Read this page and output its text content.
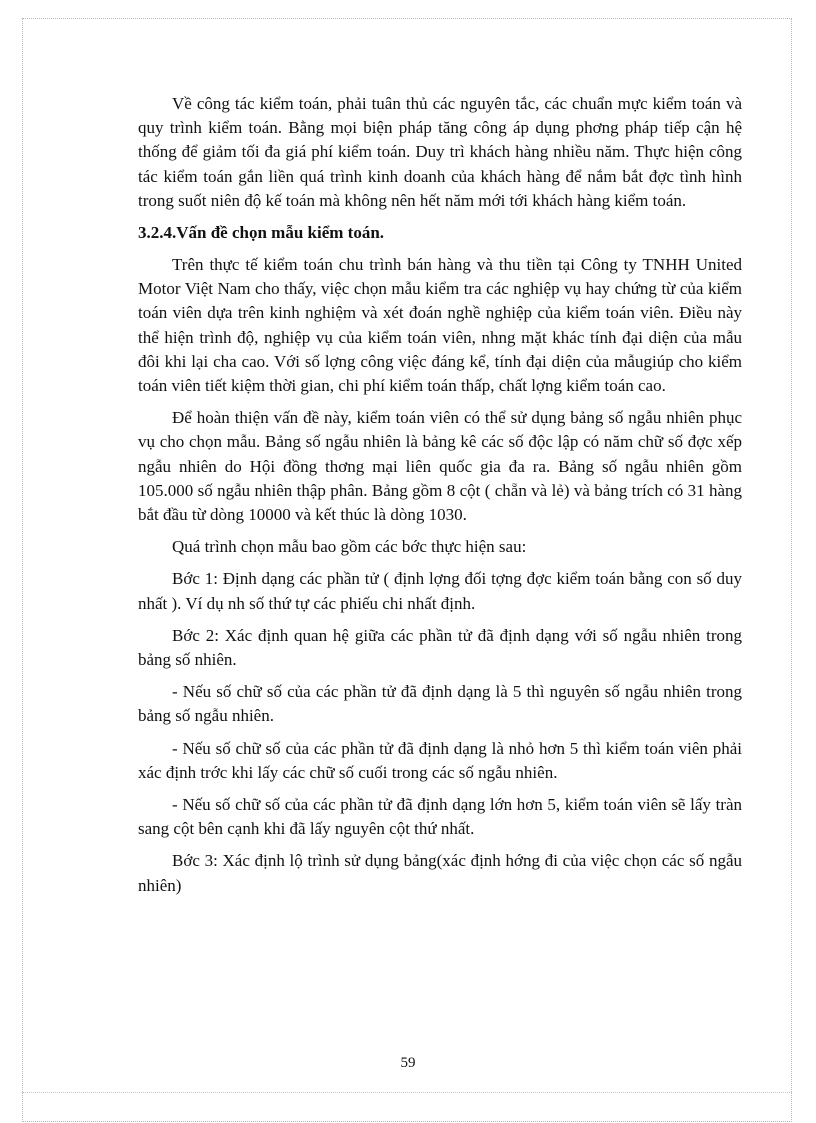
Về công tác kiểm toán, phải tuân thủ các nguyên tắc, các chuẩn mực kiểm toán và quy trình kiểm toán. Bằng mọi biện pháp tăng công áp dụng phơng pháp tiếp cận hệ thống để giảm tối đa giá phí kiểm toán. Duy trì khách hàng nhiều năm. Thực hiện công tác kiểm toán gắn liền quá trình kinh doanh của khách hàng để nắm bắt đợc tình hình trong suốt niên độ kế toán mà không nên hết năm mới tới khách hàng kiểm toán.

3.2.4.Vấn đề chọn mẫu kiểm toán.

Trên thực tế kiểm toán chu trình bán hàng và thu tiền tại Công ty TNHH United Motor Việt Nam cho thấy, việc chọn mẫu kiểm tra các nghiệp vụ hay chứng từ của kiểm toán viên dựa trên kinh nghiệm và xét đoán nghề nghiệp của kiểm toán viên. Điều này thể hiện trình độ, nghiệp vụ của kiểm toán viên, nhng mặt khác tính đại diện của mẫu đôi khi lại cha cao. Với số lợng công việc đáng kể, tính đại diện của mẫugiúp cho kiểm toán viên tiết kiệm thời gian, chi phí kiểm toán thấp, chất lợng kiểm toán cao.

Để hoàn thiện vấn đề này, kiểm toán viên có thể sử dụng bảng số ngẫu nhiên phục vụ cho chọn mẫu. Bảng số ngẫu nhiên là bảng kê các số độc lập có năm chữ số đợc xếp ngẫu nhiên do Hội đồng thơng mại liên quốc gia đa ra. Bảng số ngẫu nhiên gồm 105.000 số ngẫu nhiên thập phân. Bảng gồm 8 cột ( chẵn và lẻ) và bảng trích có 31 hàng bắt đầu từ dòng 10000 và kết thúc là dòng 1030.

Quá trình chọn mẫu bao gồm các bớc thực hiện sau:

Bớc 1: Định dạng các phần tử ( định lợng đối tợng đợc kiểm toán bằng con số duy nhất ). Ví dụ nh số thứ tự các phiếu chi nhất định.

Bớc 2: Xác định quan hệ giữa các phần tử đã định dạng với số ngẫu nhiên trong bảng số nhiên.

- Nếu số chữ số của các phần tử đã định dạng là 5 thì nguyên số ngẫu nhiên trong bảng số ngẫu nhiên.

- Nếu số chữ số của các phần tử đã định dạng là nhỏ hơn 5 thì kiểm toán viên phải xác định trớc khi lấy các chữ số cuối trong các số ngẫu nhiên.

- Nếu số chữ số của các phần tử đã định dạng lớn hơn 5, kiểm toán viên sẽ lấy tràn sang cột bên cạnh khi đã lấy nguyên cột thứ nhất.

Bớc 3: Xác định lộ trình sử dụng bảng(xác định hớng đi của việc chọn các số ngẫu nhiên)

59
